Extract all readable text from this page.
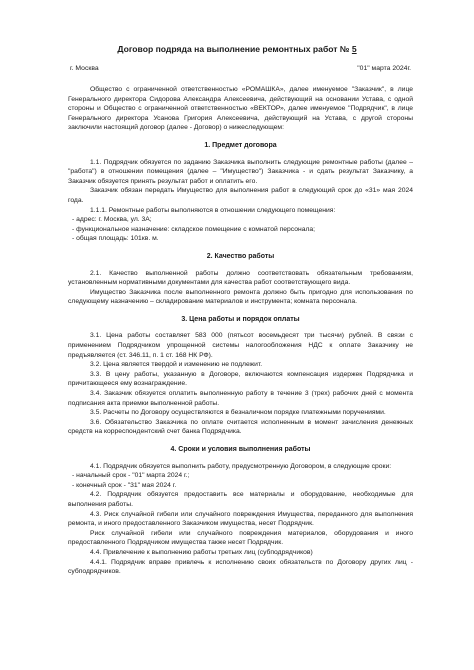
Договор подряда на выполнение ремонтных работ № 5
г. Москва	"01" марта 2024г.

Общество с ограниченной ответственностью «РОМАШКА», далее именуемое "Заказчик", в лице Генерального директора Сидорова Александра Алексеевича, действующий на основании Устава, с одной стороны и Общество с ограниченной ответственностью «ВЕКТОР», далее именуемое "Подрядчик", в лице Генерального директора Усанова Григория Алексеевича, действующий на Устава, с другой стороны заключили настоящий договор (далее - Договор) о нижеследующем:

1. Предмет договора

1.1. Подрядчик обязуется по заданию Заказчика выполнить следующие ремонтные работы (далее – "работа") в отношении помещения (далее – "Имущество") Заказчика - и сдать результат Заказчику, а Заказчик обязуется принять результат работ и оплатить его.

Заказчик обязан передать Имущество для выполнения работ в следующий срок до «31» мая 2024 года.

1.1.1. Ремонтные работы выполняются в отношении следующего помещения:

- адрес: г. Москва, ул. 3А;

- функциональное назначение: складское помещение с комнатой персонала;

- общая площадь: 101кв. м.

2. Качество работы

2.1. Качество выполненной работы должно соответствовать обязательным требованиям, установленным нормативными документами для качества работ соответствующего вида.

Имущество Заказчика после выполненного ремонта должно быть пригодно для использования по следующему назначению – складирование материалов и инструмента; комната персонала.

3. Цена работы и порядок оплаты

3.1. Цена работы составляет 583 000 (пятьсот восемьдесят три тысячи) рублей. В связи с применением Подрядчиком упрощенной системы налогообложения НДС к оплате Заказчику не предъявляется (ст. 346.11, п. 1 ст. 168 НК РФ).

3.2. Цена является твердой и изменению не подлежит.

3.3. В цену работы, указанную в Договоре, включаются компенсация издержек Подрядчика и причитающееся ему вознаграждение.

3.4. Заказчик обязуется оплатить выполненную работу в течение 3 (трех) рабочих дней с момента подписания акта приемки выполненной работы.

3.5. Расчеты по Договору осуществляются в безналичном порядке платежными поручениями.

3.6. Обязательство Заказчика по оплате считается исполненным в момент зачисления денежных средств на корреспондентский счет банка Подрядчика.

4. Сроки и условия выполнения работы

4.1. Подрядчик обязуется выполнить работу, предусмотренную Договором, в следующие сроки:

- начальный срок - "01" марта 2024 г.;

- конечный срок - "31" мая 2024 г.

4.2. Подрядчик обязуется предоставить все материалы и оборудование, необходимые для выполнения работы.

4.3. Риск случайной гибели или случайного повреждения Имущества, переданного для выполнения ремонта, и иного предоставленного Заказчиком имущества, несет Подрядчик.

Риск случайной гибели или случайного повреждения материалов, оборудования и иного предоставленного Подрядчиком имущества также несет Подрядчик.

4.4. Привлечение к выполнению работы третьих лиц (субподрядчиков)

4.4.1. Подрядчик вправе привлечь к исполнению своих обязательств по Договору других лиц - субподрядчиков.
